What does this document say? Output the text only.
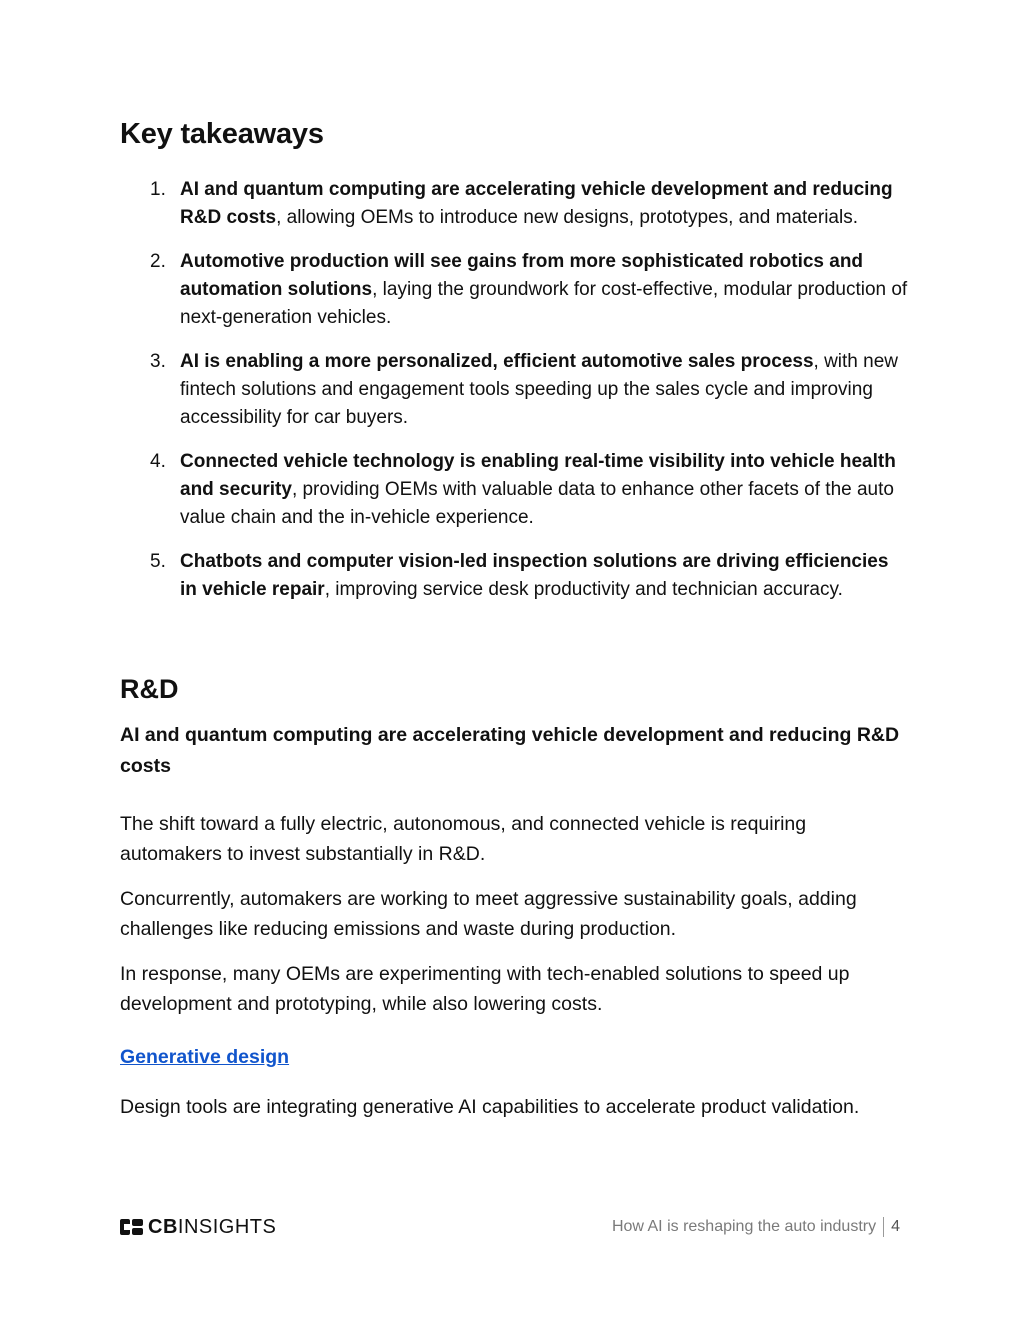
Key takeaways
1. AI and quantum computing are accelerating vehicle development and reducing R&D costs, allowing OEMs to introduce new designs, prototypes, and materials.
2. Automotive production will see gains from more sophisticated robotics and automation solutions, laying the groundwork for cost-effective, modular production of next-generation vehicles.
3. AI is enabling a more personalized, efficient automotive sales process, with new fintech solutions and engagement tools speeding up the sales cycle and improving accessibility for car buyers.
4. Connected vehicle technology is enabling real-time visibility into vehicle health and security, providing OEMs with valuable data to enhance other facets of the auto value chain and the in-vehicle experience.
5. Chatbots and computer vision-led inspection solutions are driving efficiencies in vehicle repair, improving service desk productivity and technician accuracy.
R&D

AI and quantum computing are accelerating vehicle development and reducing R&D costs

The shift toward a fully electric, autonomous, and connected vehicle is requiring automakers to invest substantially in R&D.

Concurrently, automakers are working to meet aggressive sustainability goals, adding challenges like reducing emissions and waste during production.

In response, many OEMs are experimenting with tech-enabled solutions to speed up development and prototyping, while also lowering costs.

Generative design

Design tools are integrating generative AI capabilities to accelerate product validation.

CBINSIGHTS	How AI is reshaping the auto industry 4
